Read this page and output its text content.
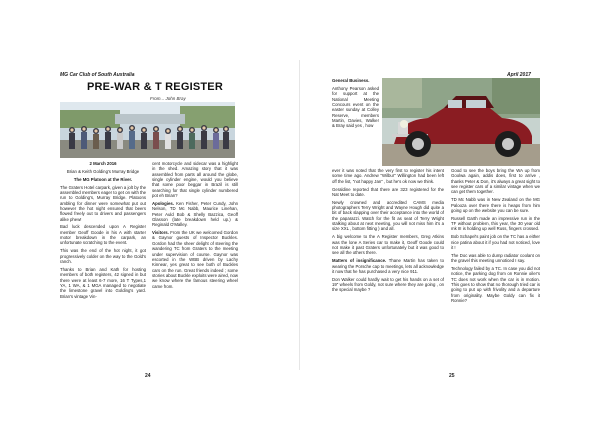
MG Car Club of South Australia	April 2017
PRE-WAR & T REGISTER
From... John Bray

2 March 2016

Brian & Keith Golding's Murray Bridge

The MG Platoon at the River.

The Graters Hotel carpark, given a jolt by the assembled members eager to get on with the run to Golding's, Murray Bridge. Platoons ambling for dinner were somewhat put out however the hot night ensured that beers flowed freely out to drivers and passengers alike phew!

Bad luck descended upon A Register member Geoff Goode in his A with starter motor breakdown in the carpark, an unfortunate scratching to the event.

This was the end of the hot night, it got progressively colder on the way to the Gold's ranch.

Thanks to Brian and Kath for hosting members of both registers, 42 signed in but there were at least 6-7 more, 16 T Types,1 YA, 1 WA, & 1 MGA managed to negotiate the limestone gravel into Golding's yard. Brian's vintage Vin-

cent motorcycle and sidecar was a highlight in the shed. Amazing story that it was assembled from parts all around the globe, single cylinder engine, would you believe that some poor beggar in Brazil is still searching for that single cylinder numbered pot eh Brian?

Apologies. Ken Fisher, Peter Cundy, John Nelson, TD Mc Nabb, Maurice Linehan, Peter Auld Bob & Shelly Bazzica, Geoff Glasson (late breakdown held up.) & Reginald O'Malley.

Visitors. From the UK we welcomed Gordon & Gaynor guests of Inspector Buckles. Gordon had the sheer delight of steering the wandering TC from Graters to the meeting under supervision of course. Gaynor was escorted in the WBB driven by Lachy Kinnear, yes great to see both of Buckles cars on the run. Great friends indeed ; some stories about Buckle exploits were aired, now we know where the famous steering wheel came from.

General Business.

Anthony Pearson asked for support at the National Meeting Concours event on the easter sunday at Colley Reserve, members Martin, Davies, Walker & Bray said yes , how

ever it was noted that the very first to register his intent some time ago. Andrew "Wilbur" Willington had been left off the list, "not happy Jan" , but he's ok now we think.

Geraldine reported that there are 323 registered for the Nat Meet to date.

Newly crowned and accredited CAMS media photographers Terry Wright and Wayne Hough did quite a bit of back slapping over their acceptance into the world of the paparazzi. Watch for the fit as seat of Terry Wright stalking about at next meeting, you will not miss him it's a size XXL , bottom fitting ) and all.

A big welcome to the A Register members, Greg Atkins was the lone A Series car to make it, Geoff Goode could not make it past Graters unfortunately but it was good to see all the others there.

Matters of insignificance. Thane Martin has taken to wearing the Porsche cap to meetings, lets all acknowledge it now that he has purchased a very nice 911.

Don Walker could hardly wait to get his hands on a set of 19" wheels from Goldy, not sure where they are going , on the special maybe ?

Good to see the boys bring the WA up from Goolwa again, addis does, first to arrive , thanks Peter & Don, it's always a great sight to see register cars of a similar vintage when we can get them together.

TD Mc Nabb was in New Zealand on the MG Palooza over there there is heaps from him going up on the website you can be sure.

Russell Garth made an impressive run in the TF without problem, this year, the 30 year old mk III is holding up well Russ, fingers crossed.

Bob Schapel's paint job on the TC has a either nice patina about it if you had not noticed, love it !

The Doc was able to dump radiator coolant on the gravel this meeting unnoticed I say.

Technology failed by a TC. In case you did not notice, the parking dog from on Ronnie oiler's TC does not work when the car is in motion. This goes to show that no thorough tried car is going to put up with frivolity and a departure from originality. Maybe Goldy can fix it Ronnie?

24	25
